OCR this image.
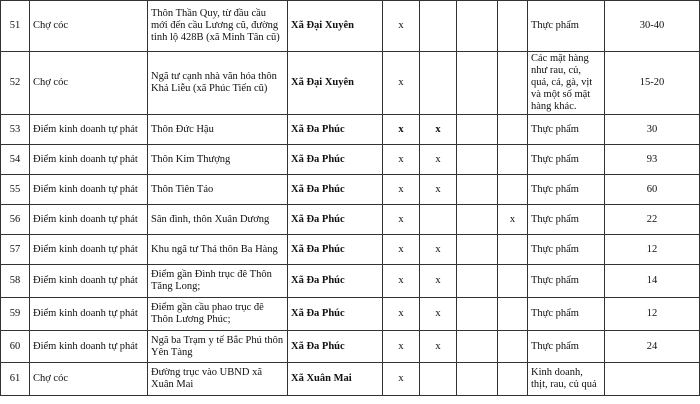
51	Chợ cóc	Thôn Thần Quy, từ đầu cầu mới đến cầu Lương cũ, đường tỉnh lộ 428B (xã Minh Tân cũ)	Xã Đại Xuyên	x				Thực phẩm	30-40
52	Chợ cóc	Ngã tư cạnh nhà văn hóa thôn Khả Liễu (xã Phúc Tiến cũ)	Xã Đại Xuyên	x				Các mặt hàng như rau, củ, quả, cá, gà, vịt và một số mặt hàng khác.	15-20
53	Điểm kinh doanh tự phát	Thôn Đức Hậu	Xã Đa Phúc	x	x			Thực phẩm	30
54	Điểm kinh doanh tự phát	Thôn Kim Thượng	Xã Đa Phúc	x	x			Thực phẩm	93
55	Điểm kinh doanh tự phát	Thôn Tiên Tảo	Xã Đa Phúc	x	x			Thực phẩm	60
56	Điểm kinh doanh tự phát	Sân đình, thôn Xuân Dương	Xã Đa Phúc	x			x	Thực phẩm	22
57	Điểm kinh doanh tự phát	Khu ngã tư Thá thôn Ba Hàng	Xã Đa Phúc	x	x			Thực phẩm	12
58	Điểm kinh doanh tự phát	Điểm gần Đình trục đê Thôn Tăng Long;	Xã Đa Phúc	x	x			Thực phẩm	14
59	Điểm kinh doanh tự phát	Điểm gần cầu phao trục đê Thôn Lương Phúc;	Xã Đa Phúc	x	x			Thực phẩm	12
60	Điểm kinh doanh tự phát	Ngã ba Trạm y tế Bắc Phú thôn Yên Tàng	Xã Đa Phúc	x	x			Thực phẩm	24
61	Chợ cóc	Đường trục vào UBND xã Xuân Mai	Xã Xuân Mai	x				Kinh doanh, thịt, rau, củ quả	
